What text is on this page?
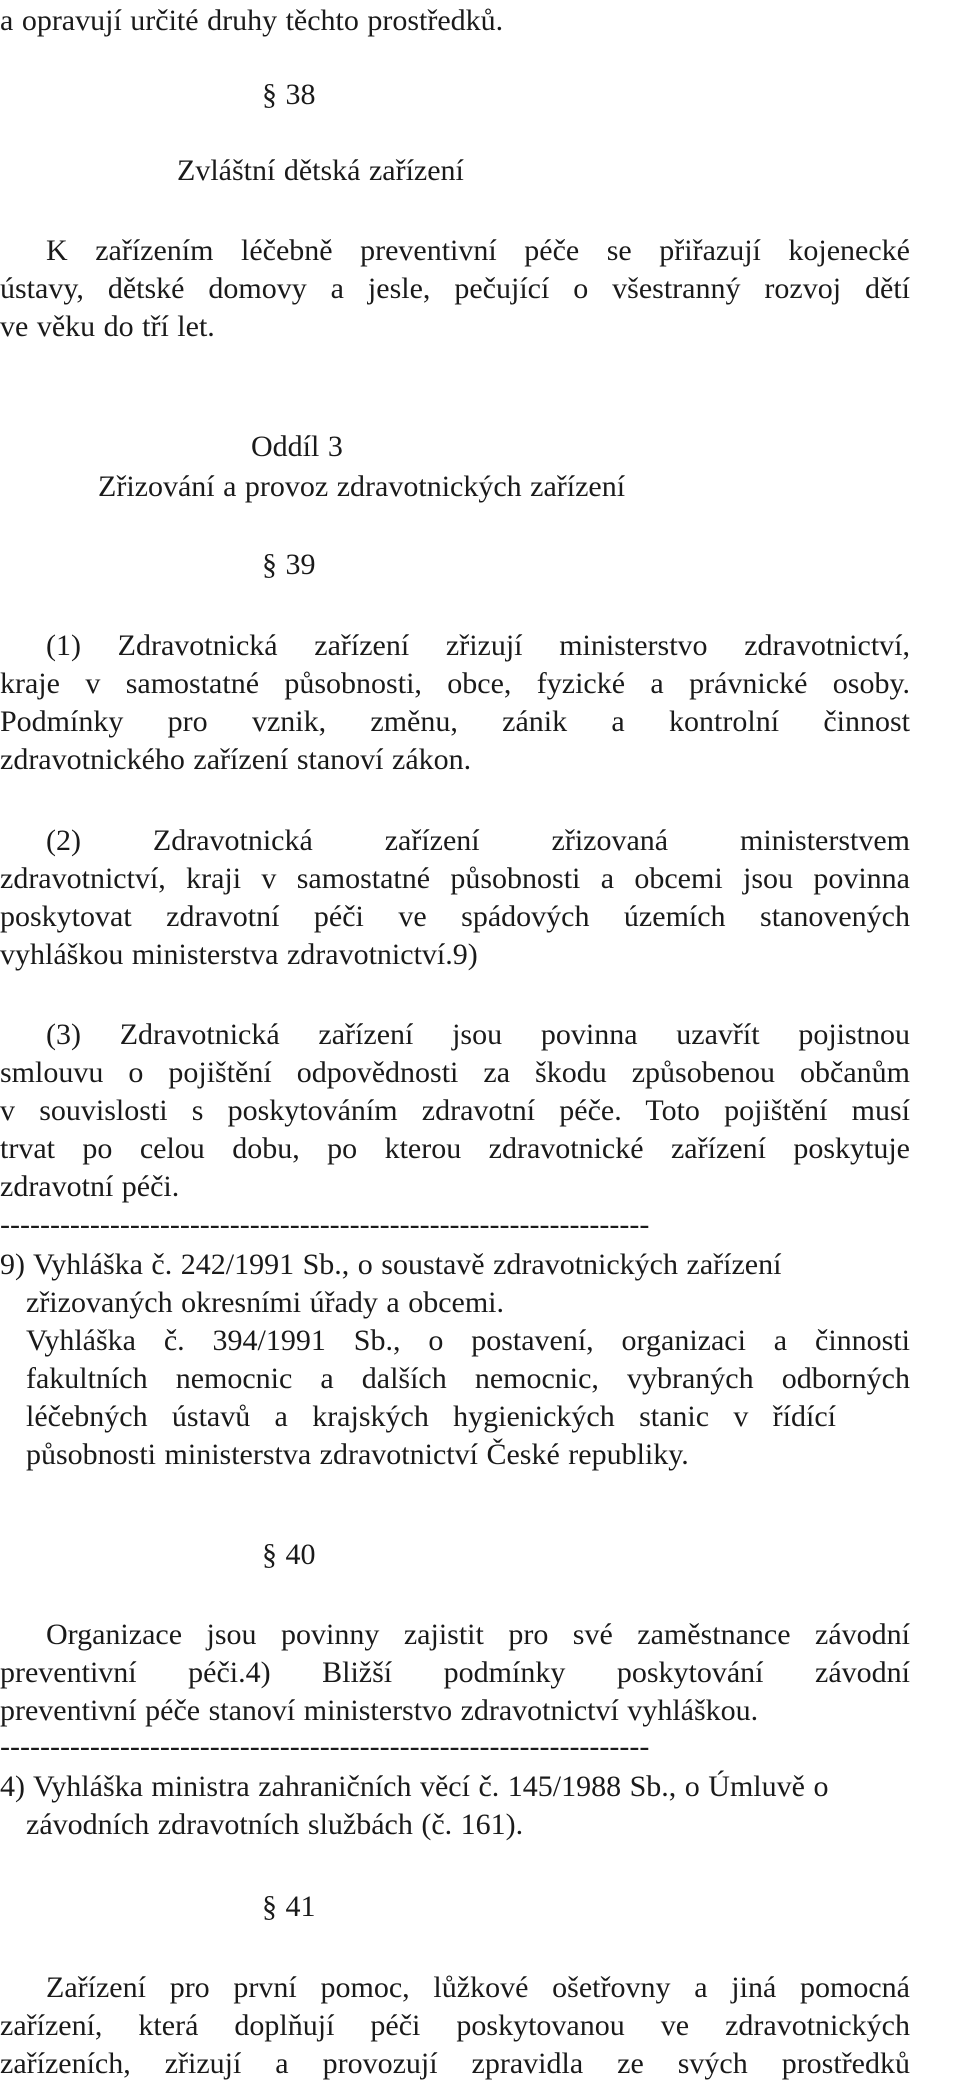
a opravují určité druhy těchto prostředků.

§ 38

Zvláštní dětská zařízení

K zařízením léčebně preventivní péče se přiřazují kojenecké

ústavy, dětské domovy a jesle, pečující o všestranný rozvoj dětí

ve věku do tří let.

Oddíl 3

Zřizování a provoz zdravotnických zařízení

§ 39

(1) Zdravotnická zařízení zřizují ministerstvo zdravotnictví,

kraje v samostatné působnosti, obce, fyzické a právnické osoby.

Podmínky pro vznik, změnu, zánik a kontrolní činnost

zdravotnického zařízení stanoví zákon.

(2) Zdravotnická zařízení zřizovaná ministerstvem

zdravotnictví, kraji v samostatné působnosti a obcemi jsou povinna

poskytovat zdravotní péči ve spádových územích stanovených

vyhláškou ministerstva zdravotnictví.9)

(3) Zdravotnická zařízení jsou povinna uzavřít pojistnou

smlouvu o pojištění odpovědnosti za škodu způsobenou občanům

v souvislosti s poskytováním zdravotní péče. Toto pojištění musí

trvat po celou dobu, po kterou zdravotnické zařízení poskytuje

zdravotní péči.

-----------------------------------------------------------------

9) Vyhláška č. 242/1991 Sb., o soustavě zdravotnických zařízení

zřizovaných okresními úřady a obcemi.

Vyhláška č. 394/1991 Sb., o postavení, organizaci a činnosti

fakultních nemocnic a dalších nemocnic, vybraných odborných

léčebných ústavů a krajských hygienických stanic v řídící

působnosti ministerstva zdravotnictví České republiky.

§ 40

Organizace jsou povinny zajistit pro své zaměstnance závodní

preventivní péči.4) Bližší podmínky poskytování závodní

preventivní péče stanoví ministerstvo zdravotnictví vyhláškou.

-----------------------------------------------------------------

4) Vyhláška ministra zahraničních věcí č. 145/1988 Sb., o Úmluvě o

závodních zdravotních službách (č. 161).

§ 41

Zařízení pro první pomoc, lůžkové ošetřovny a jiná pomocná

zařízení, která doplňují péči poskytovanou ve zdravotnických

zařízeních, zřizují a provozují zpravidla ze svých prostředků
